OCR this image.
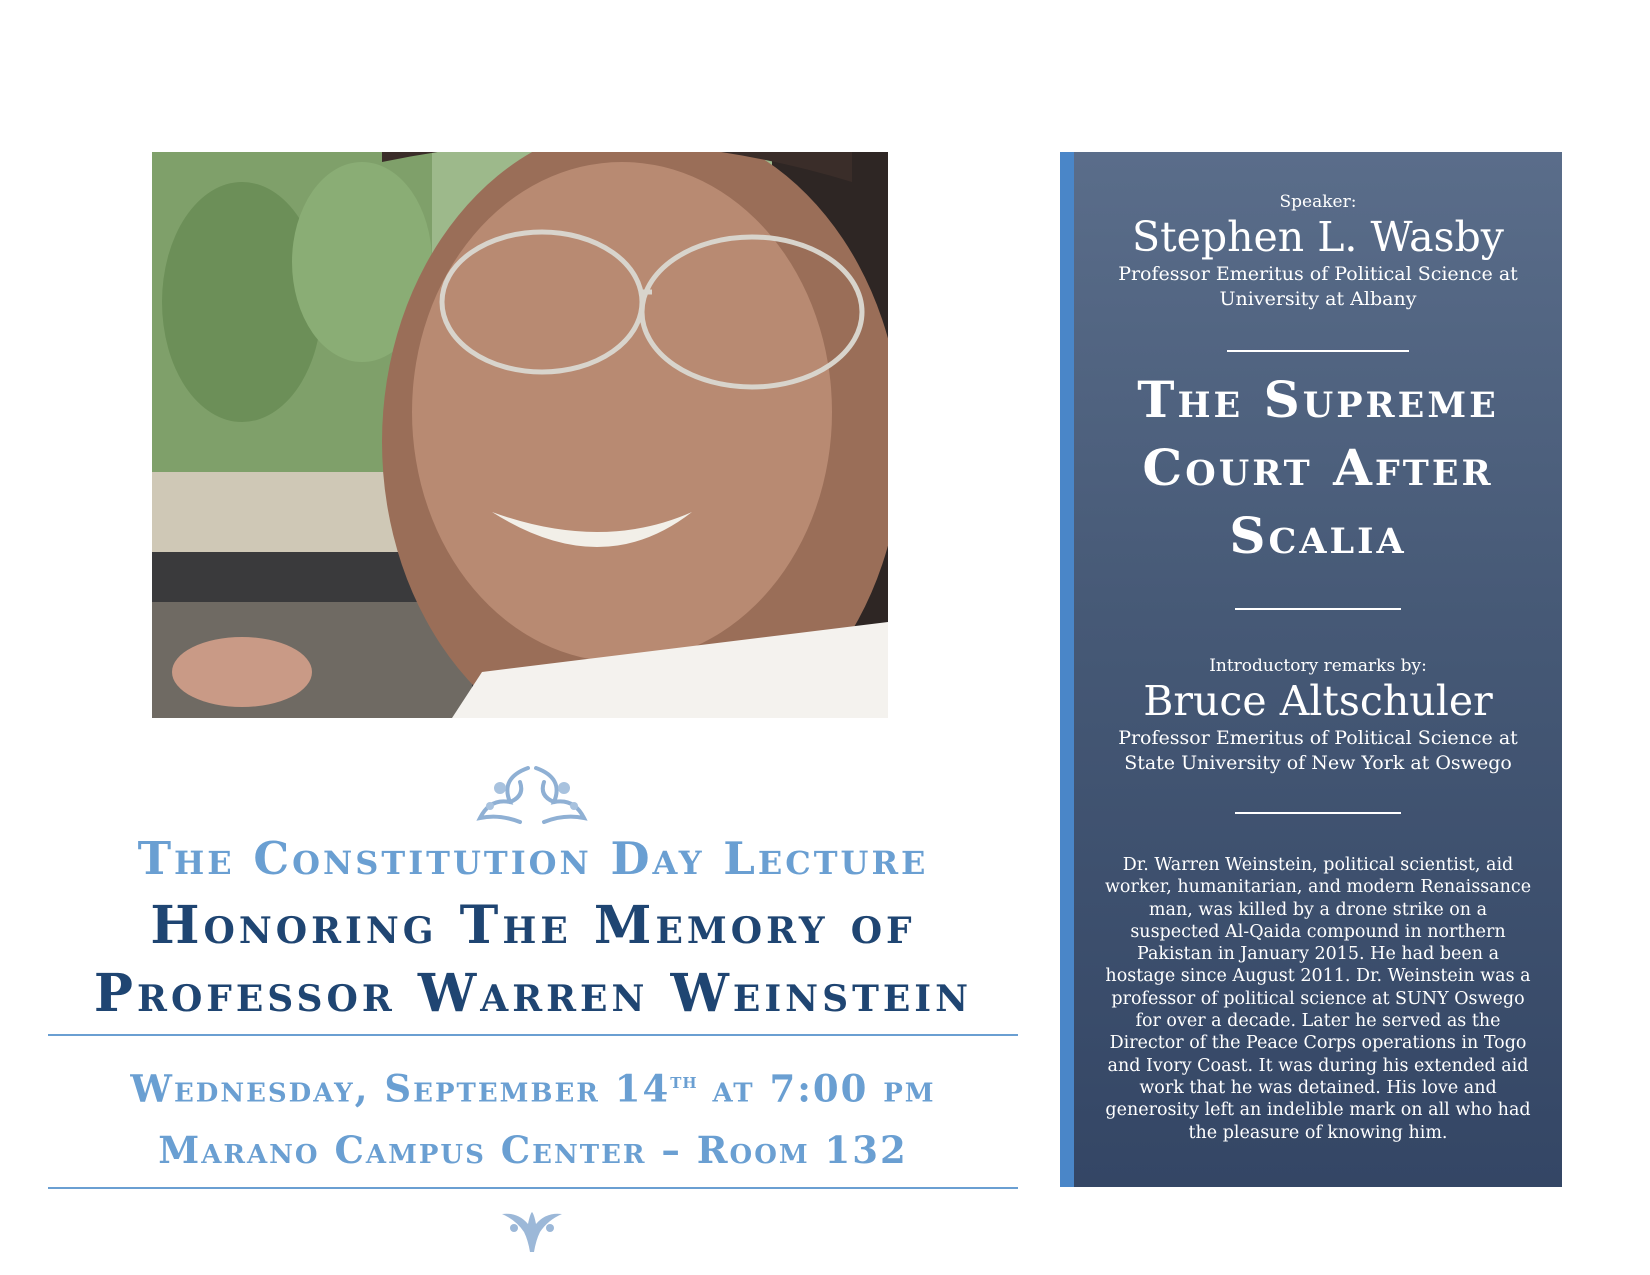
The Constitution Day Lecture

Honoring The Memory of

Professor Warren Weinstein

Wednesday, September 14th at 7:00 pm

Marano Campus Center – Room 132

Speaker:

Stephen L. Wasby

Professor Emeritus of Political Science at

University at Albany

The Supreme

Court After

Scalia

Introductory remarks by:

Bruce Altschuler

Professor Emeritus of Political Science at

State University of New York at Oswego

Dr. Warren Weinstein, political scientist, aid worker, humanitarian, and modern Renaissance man, was killed by a drone strike on a suspected Al-Qaida compound in northern Pakistan in January 2015. He had been a hostage since August 2011. Dr. Weinstein was a professor of political science at SUNY Oswego for over a decade. Later he served as the Director of the Peace Corps operations in Togo and Ivory Coast. It was during his extended aid work that he was detained. His love and generosity left an indelible mark on all who had the pleasure of knowing him.
